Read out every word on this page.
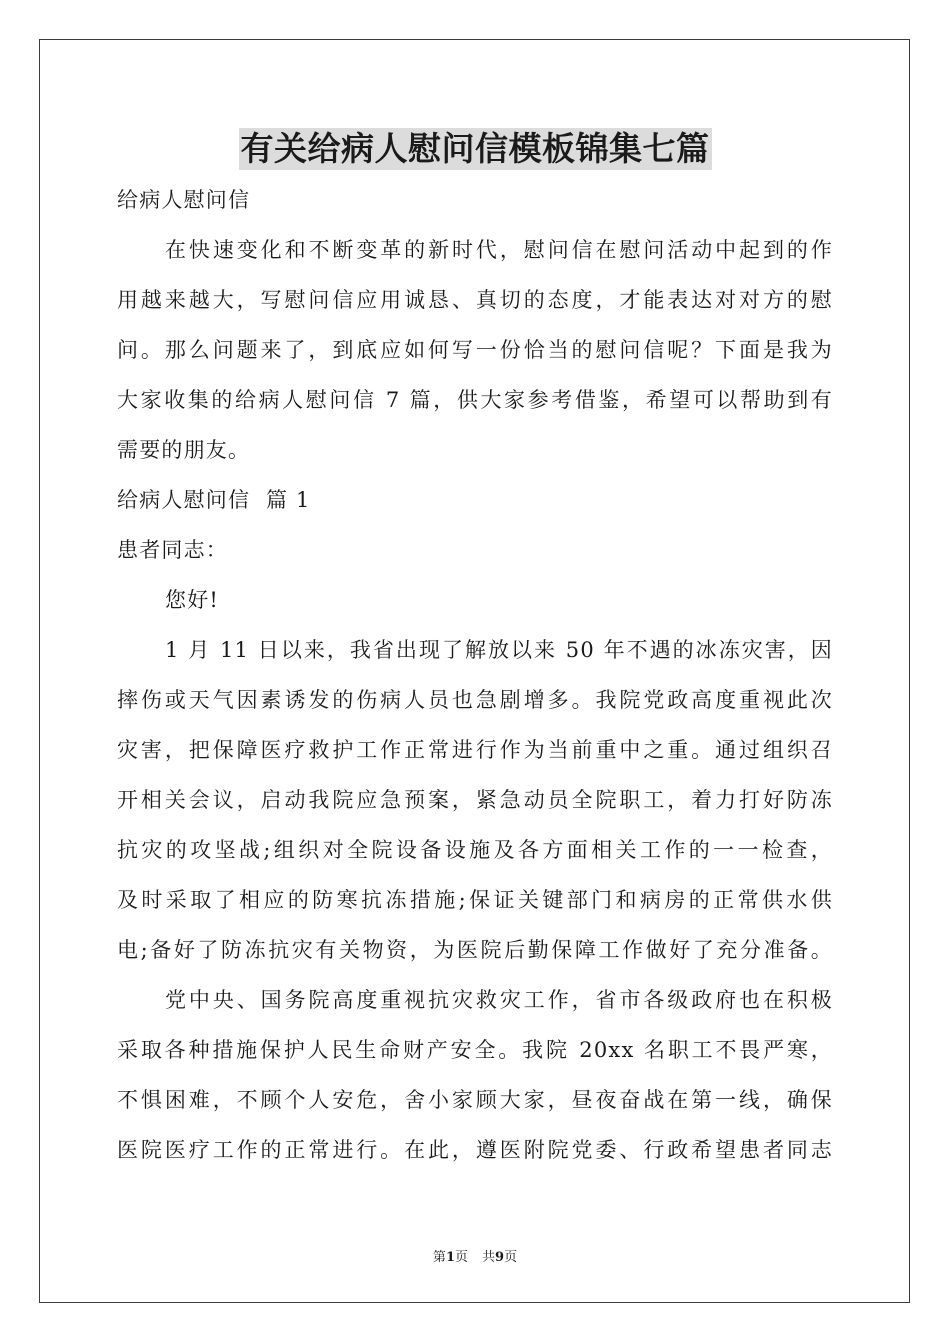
有关给病人慰问信模板锦集七篇
给病人慰问信
在快速变化和不断变革的新时代，慰问信在慰问活动中起到的作
用越来越大，写慰问信应用诚恳、真切的态度，才能表达对对方的慰
问。那么问题来了，到底应如何写一份恰当的慰问信呢？下面是我为
大家收集的给病人慰问信 7 篇，供大家参考借鉴，希望可以帮助到有
需要的朋友。
给病人慰问信  篇 1
患者同志：
您好!
1 月 11 日以来，我省出现了解放以来 50 年不遇的冰冻灾害，因
摔伤或天气因素诱发的伤病人员也急剧增多。我院党政高度重视此次
灾害，把保障医疗救护工作正常进行作为当前重中之重。通过组织召
开相关会议，启动我院应急预案，紧急动员全院职工，着力打好防冻
抗灾的攻坚战;组织对全院设备设施及各方面相关工作的一一检查，
及时采取了相应的防寒抗冻措施;保证关键部门和病房的正常供水供
电;备好了防冻抗灾有关物资，为医院后勤保障工作做好了充分准备。
党中央、国务院高度重视抗灾救灾工作，省市各级政府也在积极
采取各种措施保护人民生命财产安全。我院 20xx 名职工不畏严寒，
不惧困难，不顾个人安危，舍小家顾大家，昼夜奋战在第一线，确保
医院医疗工作的正常进行。在此，遵医附院党委、行政希望患者同志
第1页 共9页
